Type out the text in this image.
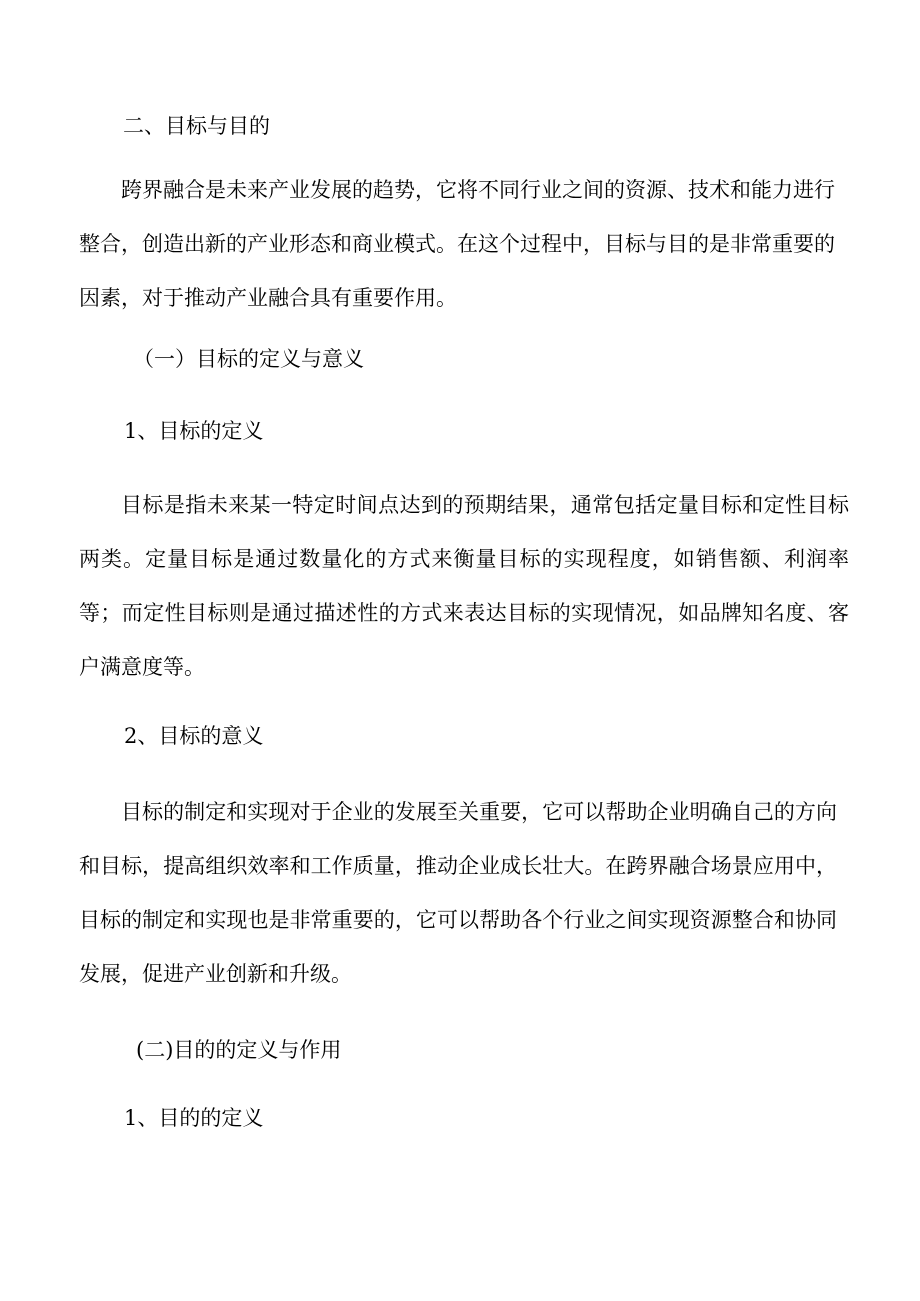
二、目标与目的

跨界融合是未来产业发展的趋势，它将不同行业之间的资源、技术和能力进行整合，创造出新的产业形态和商业模式。在这个过程中，目标与目的是非常重要的因素，对于推动产业融合具有重要作用。

（一）目标的定义与意义

1、目标的定义

目标是指未来某一特定时间点达到的预期结果，通常包括定量目标和定性目标两类。定量目标是通过数量化的方式来衡量目标的实现程度，如销售额、利润率等；而定性目标则是通过描述性的方式来表达目标的实现情况，如品牌知名度、客户满意度等。

2、目标的意义

目标的制定和实现对于企业的发展至关重要，它可以帮助企业明确自己的方向和目标，提高组织效率和工作质量，推动企业成长壮大。在跨界融合场景应用中，目标的制定和实现也是非常重要的，它可以帮助各个行业之间实现资源整合和协同发展，促进产业创新和升级。

(二)目的的定义与作用

1、目的的定义
